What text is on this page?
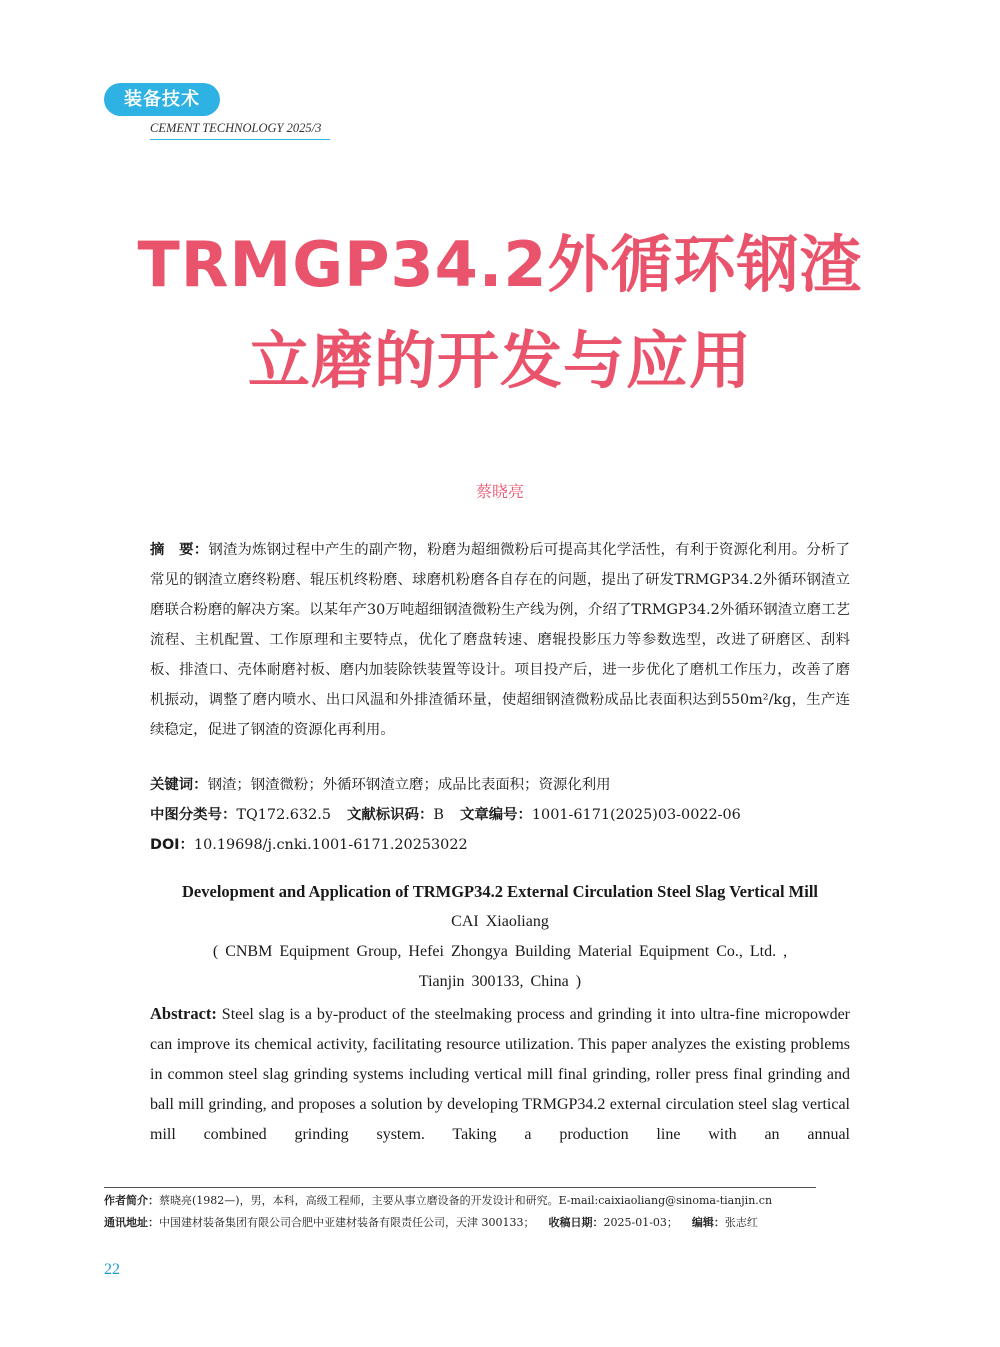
装备技术
CEMENT TECHNOLOGY 2025/3
TRMGP34.2外循环钢渣
立磨的开发与应用
蔡晓亮
摘　要：钢渣为炼钢过程中产生的副产物，粉磨为超细微粉后可提高其化学活性，有利于资源化利用。分析了常见的钢渣立磨终粉磨、辊压机终粉磨、球磨机粉磨各自存在的问题，提出了研发TRMGP34.2外循环钢渣立磨联合粉磨的解决方案。以某年产30万吨超细钢渣微粉生产线为例，介绍了TRMGP34.2外循环钢渣立磨工艺流程、主机配置、工作原理和主要特点，优化了磨盘转速、磨辊投影压力等参数选型，改进了研磨区、刮料板、排渣口、壳体耐磨衬板、磨内加装除铁装置等设计。项目投产后，进一步优化了磨机工作压力，改善了磨机振动，调整了磨内喷水、出口风温和外排渣循环量，使超细钢渣微粉成品比表面积达到550m²/kg，生产连续稳定，促进了钢渣的资源化再利用。
关键词：钢渣；钢渣微粉；外循环钢渣立磨；成品比表面积；资源化利用
中图分类号：TQ172.632.5 文献标识码：B 文章编号：1001-6171(2025)03-0022-06
DOI：10.19698/j.cnki.1001-6171.20253022
Development and Application of TRMGP34.2 External Circulation Steel Slag Vertical Mill
CAI Xiaoliang
( CNBM Equipment Group, Hefei Zhongya Building Material Equipment Co., Ltd. ,
Tianjin 300133, China )
Abstract: Steel slag is a by-product of the steelmaking process and grinding it into ultra-fine micropowder can improve its chemical activity, facilitating resource utilization. This paper analyzes the existing problems in common steel slag grinding systems including vertical mill final grinding, roller press final grinding and ball mill grinding, and proposes a solution by developing TRMGP34.2 external circulation steel slag vertical mill combined grinding system. Taking a production line with an annual
作者简介：蔡晓亮(1982—)，男，本科，高级工程师，主要从事立磨设备的开发设计和研究。E-mail:caixiaoliang@sinoma-tianjin.cn
通讯地址：中国建材装备集团有限公司合肥中亚建材装备有限责任公司，天津 300133； 收稿日期：2025-01-03； 编辑：张志红
22
